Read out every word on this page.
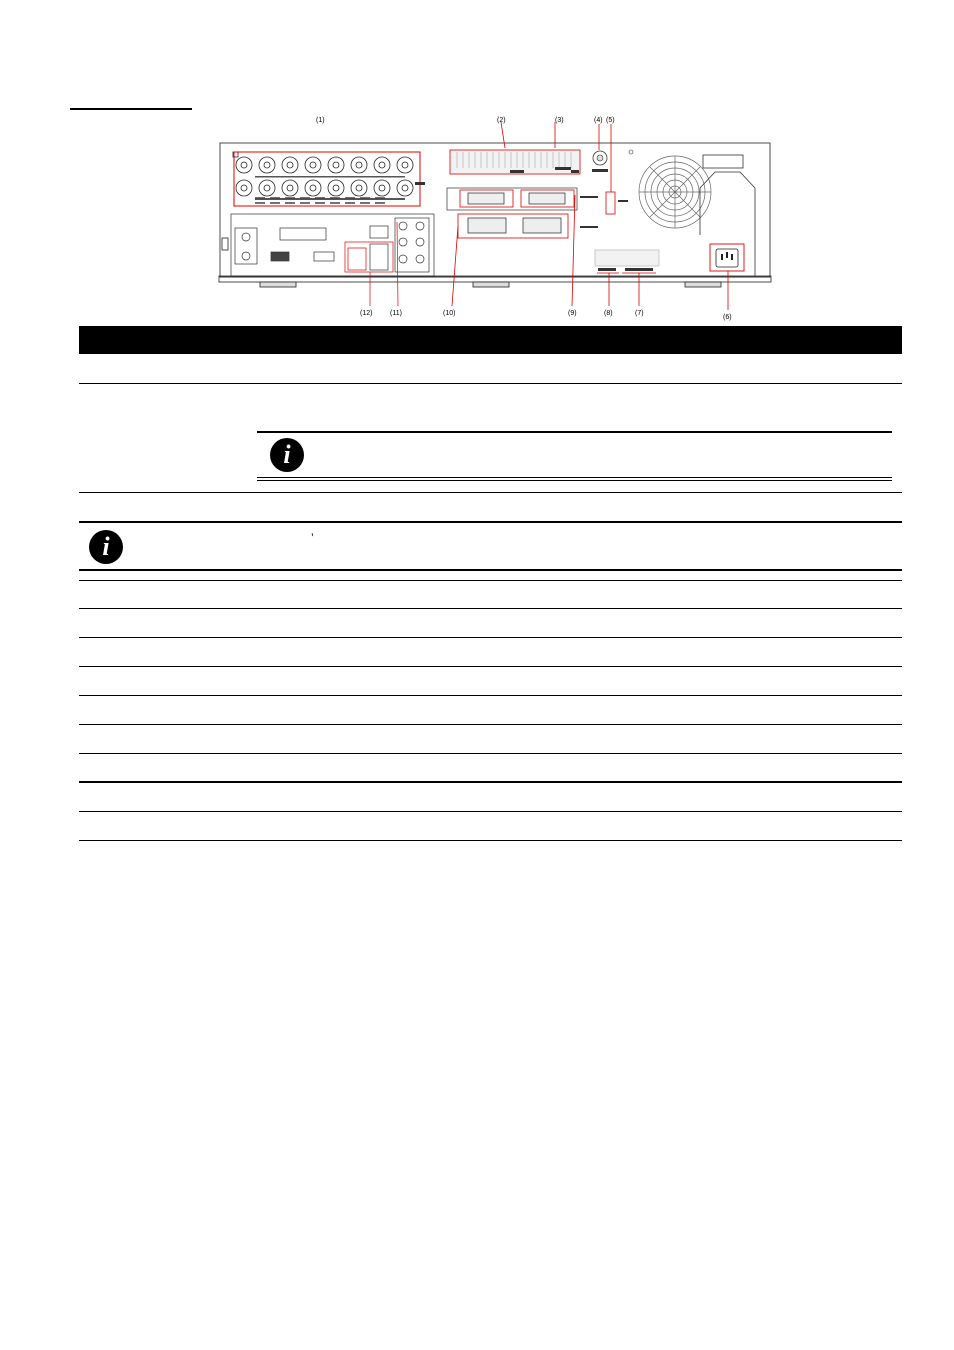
(1)	(2)	(3)	(4) (5)
(12)	(11)	(10)	(9)	(8)	(7)
(6)
i
i	’
